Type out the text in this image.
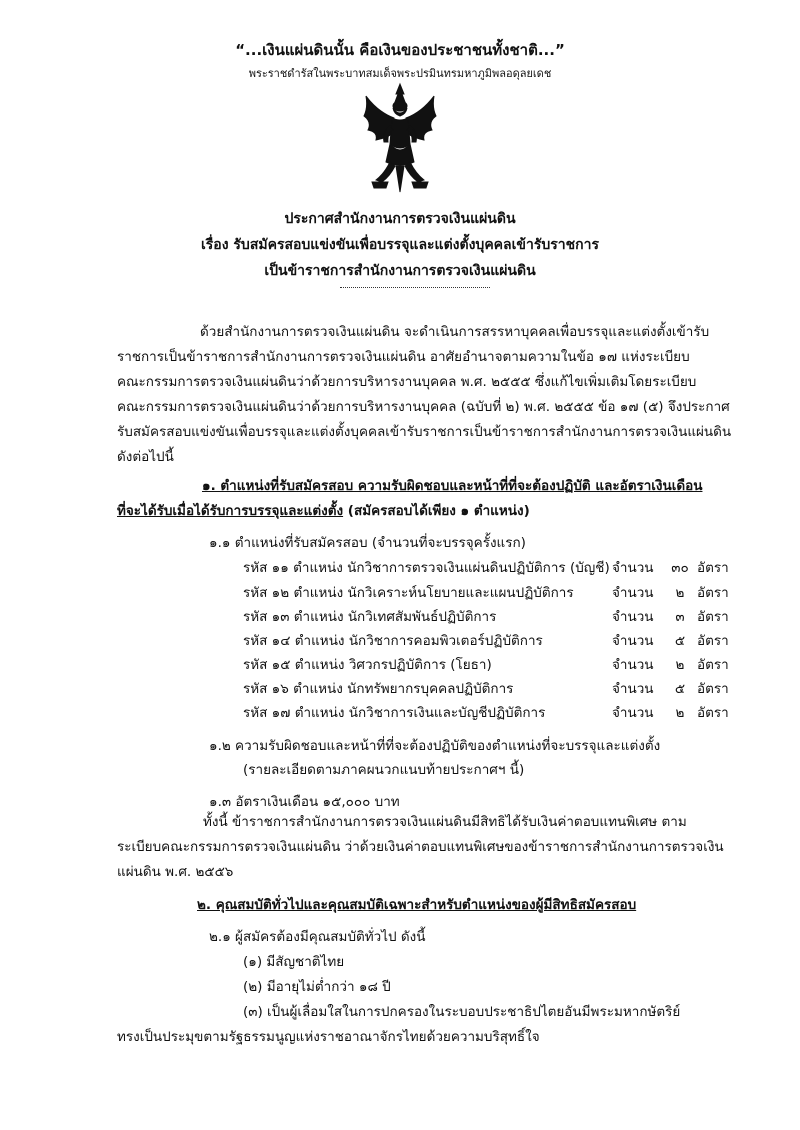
“...เงินแผ่นดินนั้น คือเงินของประชาชนทั้งชาติ...”
พระราชดำรัสในพระบาทสมเด็จพระปรมินทรมหาภูมิพลอดุลยเดช
ประกาศสำนักงานการตรวจเงินแผ่นดิน
เรื่อง รับสมัครสอบแข่งขันเพื่อบรรจุและแต่งตั้งบุคคลเข้ารับราชการ
เป็นข้าราชการสำนักงานการตรวจเงินแผ่นดิน
ด้วยสำนักงานการตรวจเงินแผ่นดิน จะดำเนินการสรรหาบุคคลเพื่อบรรจุและแต่งตั้งเข้ารับ
ราชการเป็นข้าราชการสำนักงานการตรวจเงินแผ่นดิน อาศัยอำนาจตามความในข้อ ๑๗ แห่งระเบียบ
คณะกรรมการตรวจเงินแผ่นดินว่าด้วยการบริหารงานบุคคล พ.ศ. ๒๕๕๕ ซึ่งแก้ไขเพิ่มเติมโดยระเบียบ
คณะกรรมการตรวจเงินแผ่นดินว่าด้วยการบริหารงานบุคคล (ฉบับที่ ๒) พ.ศ. ๒๕๕๕ ข้อ ๑๗ (๕) จึงประกาศ
รับสมัครสอบแข่งขันเพื่อบรรจุและแต่งตั้งบุคคลเข้ารับราชการเป็นข้าราชการสำนักงานการตรวจเงินแผ่นดิน
ดังต่อไปนี้
๑. ตำแหน่งที่รับสมัครสอบ ความรับผิดชอบและหน้าที่ที่จะต้องปฏิบัติ และอัตราเงินเดือน
ที่จะได้รับเมื่อได้รับการบรรจุและแต่งตั้ง (สมัครสอบได้เพียง ๑ ตำแหน่ง)
๑.๑ ตำแหน่งที่รับสมัครสอบ (จำนวนที่จะบรรจุครั้งแรก)
รหัส ๑๑ ตำแหน่ง นักวิชาการตรวจเงินแผ่นดินปฏิบัติการ (บัญชี) จำนวน ๓๐ อัตรา
รหัส ๑๒ ตำแหน่ง นักวิเคราะห์นโยบายและแผนปฏิบัติการ	จำนวน	๒ อัตรา
รหัส ๑๓ ตำแหน่ง นักวิเทศสัมพันธ์ปฏิบัติการ	จำนวน	๓ อัตรา
รหัส ๑๔ ตำแหน่ง นักวิชาการคอมพิวเตอร์ปฏิบัติการ	จำนวน	๕ อัตรา
รหัส ๑๕ ตำแหน่ง วิศวกรปฏิบัติการ (โยธา)	จำนวน	๒ อัตรา
รหัส ๑๖ ตำแหน่ง นักทรัพยากรบุคคลปฏิบัติการ	จำนวน	๕ อัตรา
รหัส ๑๗ ตำแหน่ง นักวิชาการเงินและบัญชีปฏิบัติการ	จำนวน	๒ อัตรา
๑.๒ ความรับผิดชอบและหน้าที่ที่จะต้องปฏิบัติของตำแหน่งที่จะบรรจุและแต่งตั้ง
(รายละเอียดตามภาคผนวกแนบท้ายประกาศฯ นี้)
๑.๓ อัตราเงินเดือน ๑๕,๐๐๐ บาท
ทั้งนี้ ข้าราชการสำนักงานการตรวจเงินแผ่นดินมีสิทธิได้รับเงินค่าตอบแทนพิเศษ ตาม
ระเบียบคณะกรรมการตรวจเงินแผ่นดิน ว่าด้วยเงินค่าตอบแทนพิเศษของข้าราชการสำนักงานการตรวจเงิน
แผ่นดิน พ.ศ. ๒๕๕๖
๒. คุณสมบัติทั่วไปและคุณสมบัติเฉพาะสำหรับตำแหน่งของผู้มีสิทธิสมัครสอบ
๒.๑ ผู้สมัครต้องมีคุณสมบัติทั่วไป ดังนี้
(๑) มีสัญชาติไทย
(๒) มีอายุไม่ต่ำกว่า ๑๘ ปี
(๓) เป็นผู้เลื่อมใสในการปกครองในระบอบประชาธิปไตยอันมีพระมหากษัตริย์
ทรงเป็นประมุขตามรัฐธรรมนูญแห่งราชอาณาจักรไทยด้วยความบริสุทธิ์ใจ
